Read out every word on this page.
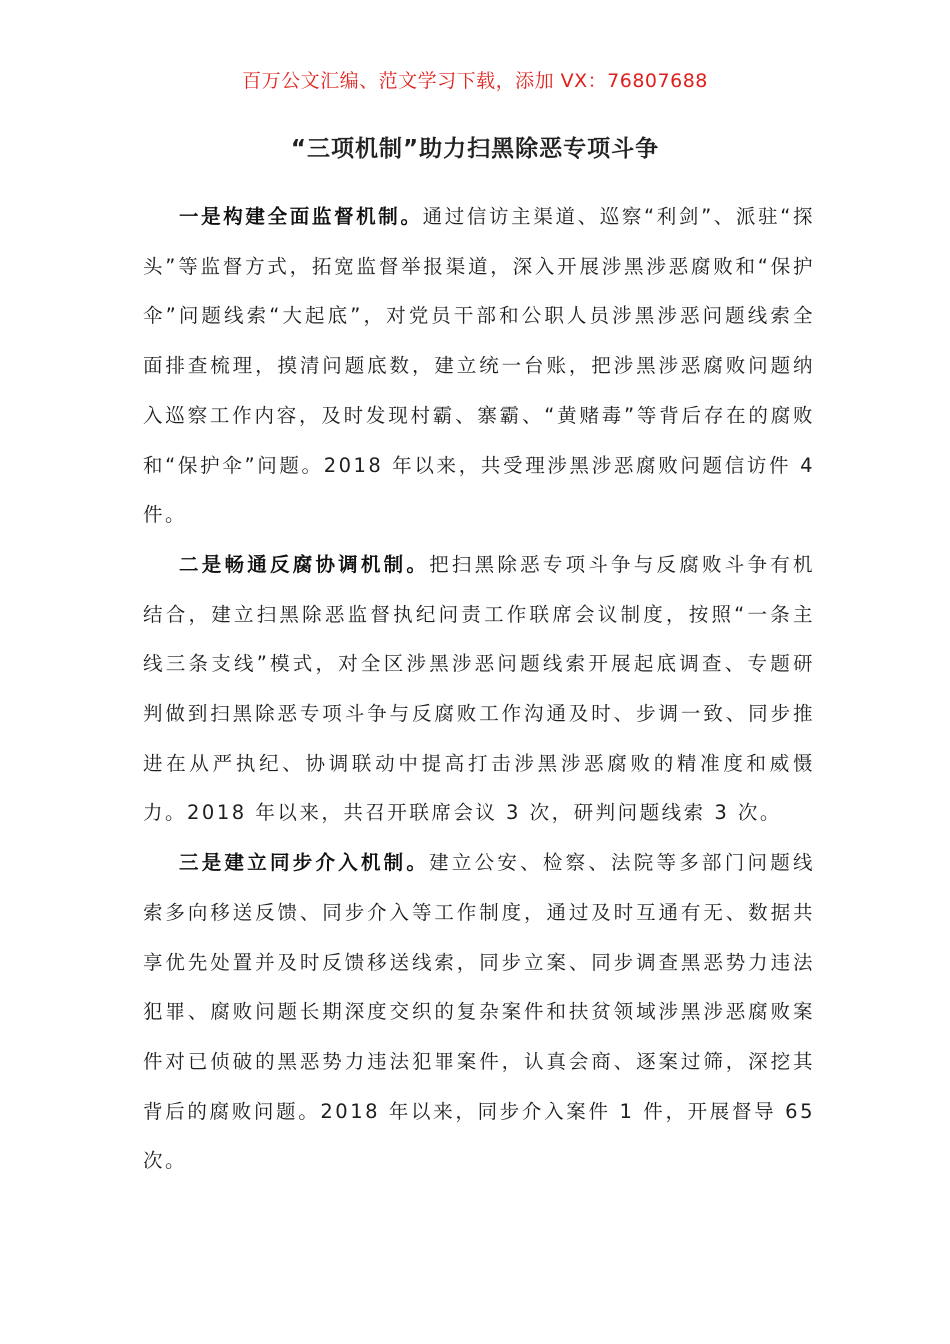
百万公文汇编、范文学习下载，添加 VX：76807688
“三项机制”助力扫黑除恶专项斗争

一是构建全面监督机制。通过信访主渠道、巡察“利剑”、派驻“探头”等监督方式，拓宽监督举报渠道，深入开展涉黑涉恶腐败和“保护伞”问题线索“大起底”，对党员干部和公职人员涉黑涉恶问题线索全面排查梳理，摸清问题底数，建立统一台账，把涉黑涉恶腐败问题纳入巡察工作内容，及时发现村霸、寨霸、“黄赌毒”等背后存在的腐败和“保护伞”问题。2018 年以来，共受理涉黑涉恶腐败问题信访件 4 件。

二是畅通反腐协调机制。把扫黑除恶专项斗争与反腐败斗争有机结合，建立扫黑除恶监督执纪问责工作联席会议制度，按照“一条主线三条支线”模式，对全区涉黑涉恶问题线索开展起底调查、专题研判做到扫黑除恶专项斗争与反腐败工作沟通及时、步调一致、同步推进在从严执纪、协调联动中提高打击涉黑涉恶腐败的精准度和威慑力。2018 年以来，共召开联席会议 3 次，研判问题线索 3 次。

三是建立同步介入机制。建立公安、检察、法院等多部门问题线索多向移送反馈、同步介入等工作制度，通过及时互通有无、数据共享优先处置并及时反馈移送线索，同步立案、同步调查黑恶势力违法犯罪、腐败问题长期深度交织的复杂案件和扶贫领域涉黑涉恶腐败案件对已侦破的黑恶势力违法犯罪案件，认真会商、逐案过筛，深挖其背后的腐败问题。2018 年以来，同步介入案件 1 件，开展督导 65 次。
